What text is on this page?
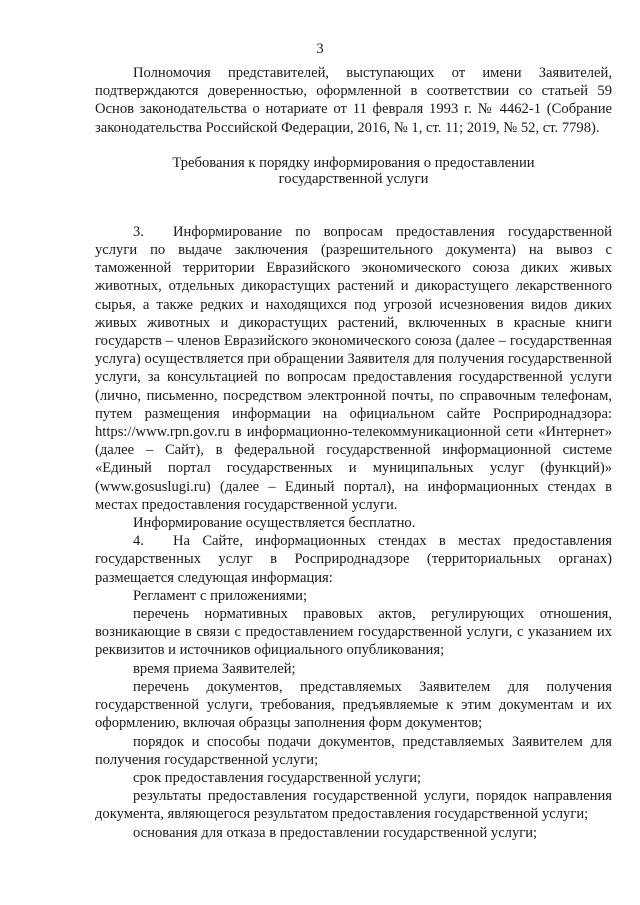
3

Полномочия представителей, выступающих от имени Заявителей, подтверждаются доверенностью, оформленной в соответствии со статьей 59 Основ законодательства о нотариате от 11 февраля 1993 г. № 4462-1 (Собрание законодательства Российской Федерации, 2016, № 1, ст. 11; 2019, № 52, ст. 7798).

Требования к порядку информирования о предоставлении
государственной услуги

3. Информирование по вопросам предоставления государственной услуги по выдаче заключения (разрешительного документа) на вывоз с таможенной территории Евразийского экономического союза диких живых животных, отдельных дикорастущих растений и дикорастущего лекарственного сырья, а также редких и находящихся под угрозой исчезновения видов диких живых животных и дикорастущих растений, включенных в красные книги государств – членов Евразийского экономического союза (далее – государственная услуга) осуществляется при обращении Заявителя для получения государственной услуги, за консультацией по вопросам предоставления государственной услуги (лично, письменно, посредством электронной почты, по справочным телефонам, путем размещения информации на официальном сайте Росприроднадзора: https://www.rpn.gov.ru в информационно-телекоммуникационной сети «Интернет» (далее – Сайт), в федеральной государственной информационной системе «Единый портал государственных и муниципальных услуг (функций)» (www.gosuslugi.ru) (далее – Единый портал), на информационных стендах в местах предоставления государственной услуги.

Информирование осуществляется бесплатно.

4. На Сайте, информационных стендах в местах предоставления государственных услуг в Росприроднадзоре (территориальных органах) размещается следующая информация:

Регламент с приложениями;

перечень нормативных правовых актов, регулирующих отношения, возникающие в связи с предоставлением государственной услуги, с указанием их реквизитов и источников официального опубликования;

время приема Заявителей;

перечень документов, представляемых Заявителем для получения государственной услуги, требования, предъявляемые к этим документам и их оформлению, включая образцы заполнения форм документов;

порядок и способы подачи документов, представляемых Заявителем для получения государственной услуги;

срок предоставления государственной услуги;

результаты предоставления государственной услуги, порядок направления документа, являющегося результатом предоставления государственной услуги;

основания для отказа в предоставлении государственной услуги;
